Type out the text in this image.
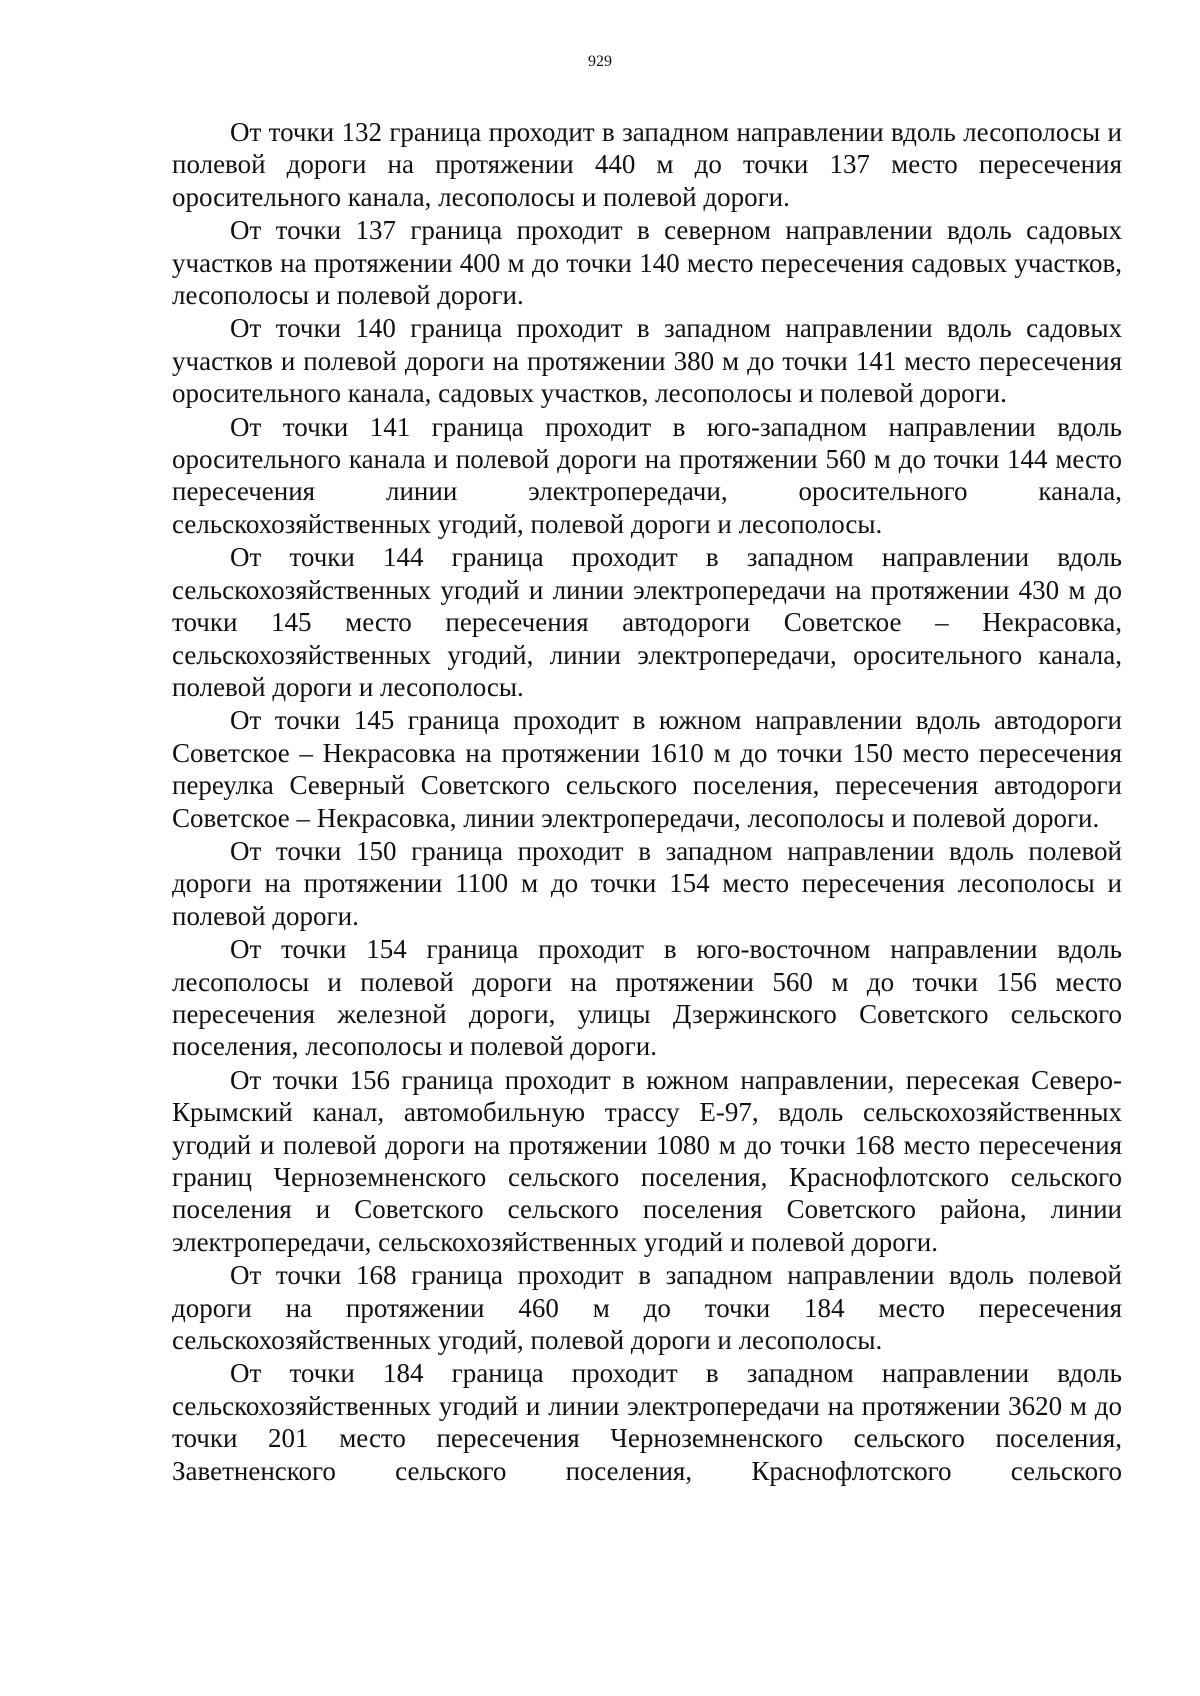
929

От точки 132 граница проходит в западном направлении вдоль лесополосы и полевой дороги на протяжении 440 м до точки 137 место пересечения оросительного канала, лесополосы и полевой дороги.

От точки 137 граница проходит в северном направлении вдоль садовых участков на протяжении 400 м до точки 140 место пересечения садовых участков, лесополосы и полевой дороги.

От точки 140 граница проходит в западном направлении вдоль садовых участков и полевой дороги на протяжении 380 м до точки 141 место пересечения оросительного канала, садовых участков, лесополосы и полевой дороги.

От точки 141 граница проходит в юго-западном направлении вдоль оросительного канала и полевой дороги на протяжении 560 м до точки 144 место пересечения линии электропередачи, оросительного канала, сельскохозяйственных угодий, полевой дороги и лесополосы.

От точки 144 граница проходит в западном направлении вдоль сельскохозяйственных угодий и линии электропередачи на протяжении 430 м до точки 145 место пересечения автодороги Советское – Некрасовка, сельскохозяйственных угодий, линии электропередачи, оросительного канала, полевой дороги и лесополосы.

От точки 145 граница проходит в южном направлении вдоль автодороги Советское – Некрасовка на протяжении 1610 м до точки 150 место пересечения переулка Северный Советского сельского поселения, пересечения автодороги Советское – Некрасовка, линии электропередачи, лесополосы и полевой дороги.

От точки 150 граница проходит в западном направлении вдоль полевой дороги на протяжении 1100 м до точки 154 место пересечения лесополосы и полевой дороги.

От точки 154 граница проходит в юго-восточном направлении вдоль лесополосы и полевой дороги на протяжении 560 м до точки 156 место пересечения железной дороги, улицы Дзержинского Советского сельского поселения, лесополосы и полевой дороги.

От точки 156 граница проходит в южном направлении, пересекая Северо-Крымский канал, автомобильную трассу Е-97, вдоль сельскохозяйственных угодий и полевой дороги на протяжении 1080 м до точки 168 место пересечения границ Черноземненского сельского поселения, Краснофлотского сельского поселения и Советского сельского поселения Советского района, линии электропередачи, сельскохозяйственных угодий и полевой дороги.

От точки 168 граница проходит в западном направлении вдоль полевой дороги на протяжении 460 м до точки 184 место пересечения сельскохозяйственных угодий, полевой дороги и лесополосы.

От точки 184 граница проходит в западном направлении вдоль сельскохозяйственных угодий и линии электропередачи на протяжении 3620 м до точки 201 место пересечения Черноземненского сельского поселения, Заветненского сельского поселения, Краснофлотского сельского
